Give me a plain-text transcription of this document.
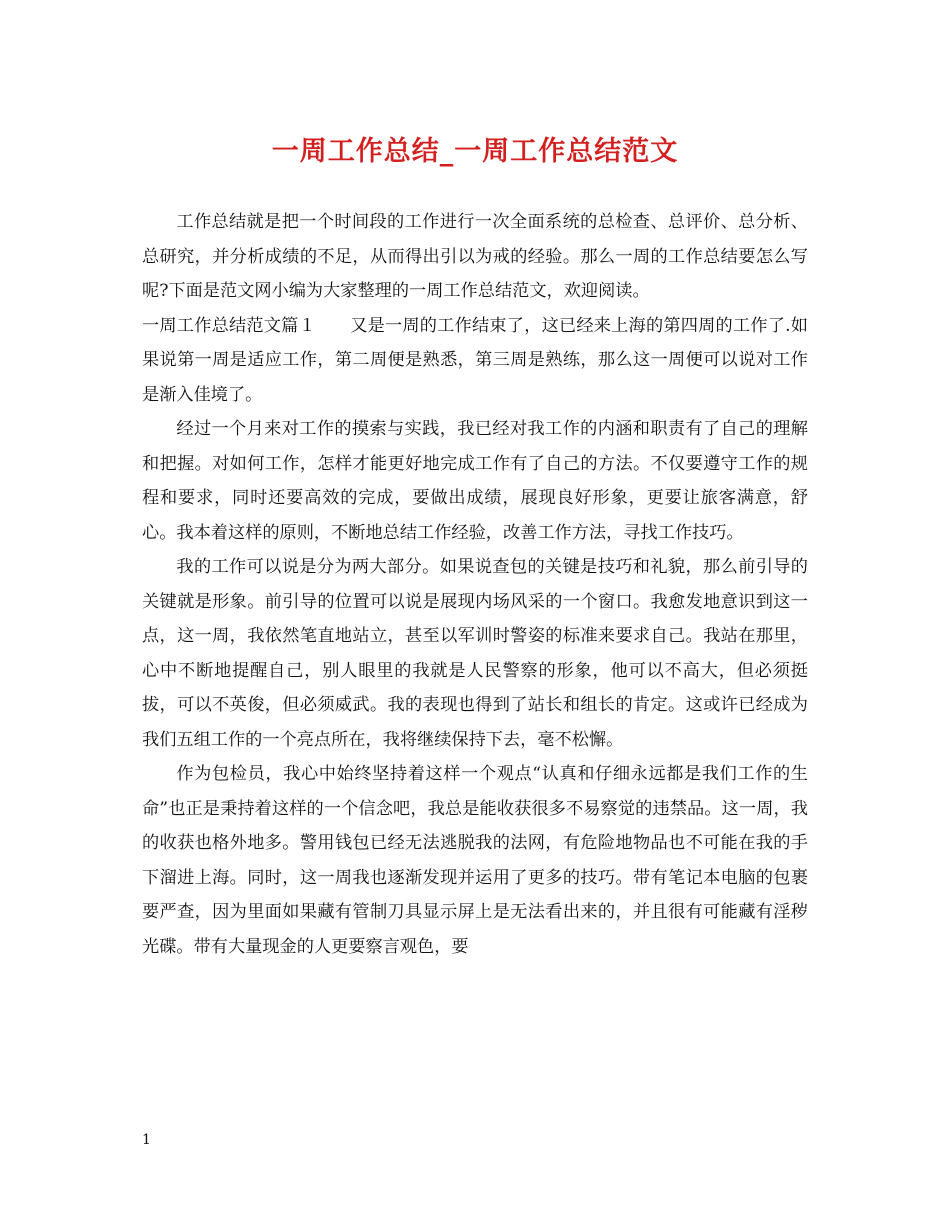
一周工作总结_一周工作总结范文

工作总结就是把一个时间段的工作进行一次全面系统的总检查、总评价、总分析、总研究，并分析成绩的不足，从而得出引以为戒的经验。那么一周的工作总结要怎么写呢?下面是范文网小编为大家整理的一周工作总结范文，欢迎阅读。

一周工作总结范文篇１ 又是一周的工作结束了，这已经来上海的第四周的工作了.如果说第一周是适应工作，第二周便是熟悉，第三周是熟练，那么这一周便可以说对工作是渐入佳境了。

经过一个月来对工作的摸索与实践，我已经对我工作的内涵和职责有了自己的理解和把握。对如何工作，怎样才能更好地完成工作有了自己的方法。不仅要遵守工作的规程和要求，同时还要高效的完成，要做出成绩，展现良好形象，更要让旅客满意，舒心。我本着这样的原则，不断地总结工作经验，改善工作方法，寻找工作技巧。

我的工作可以说是分为两大部分。如果说查包的关键是技巧和礼貌，那么前引导的关键就是形象。前引导的位置可以说是展现内场风采的一个窗口。我愈发地意识到这一点，这一周，我依然笔直地站立，甚至以军训时警姿的标准来要求自己。我站在那里，心中不断地提醒自己，别人眼里的我就是人民警察的形象，他可以不高大，但必须挺拔，可以不英俊，但必须威武。我的表现也得到了站长和组长的肯定。这或许已经成为我们五组工作的一个亮点所在，我将继续保持下去，毫不松懈。

作为包检员，我心中始终坚持着这样一个观点“认真和仔细永远都是我们工作的生命”也正是秉持着这样的一个信念吧，我总是能收获很多不易察觉的违禁品。这一周，我的收获也格外地多。警用钱包已经无法逃脱我的法网，有危险地物品也不可能在我的手下溜进上海。同时，这一周我也逐渐发现并运用了更多的技巧。带有笔记本电脑的包裹要严查，因为里面如果藏有管制刀具显示屏上是无法看出来的，并且很有可能藏有淫秽光碟。带有大量现金的人更要察言观色，要

1
